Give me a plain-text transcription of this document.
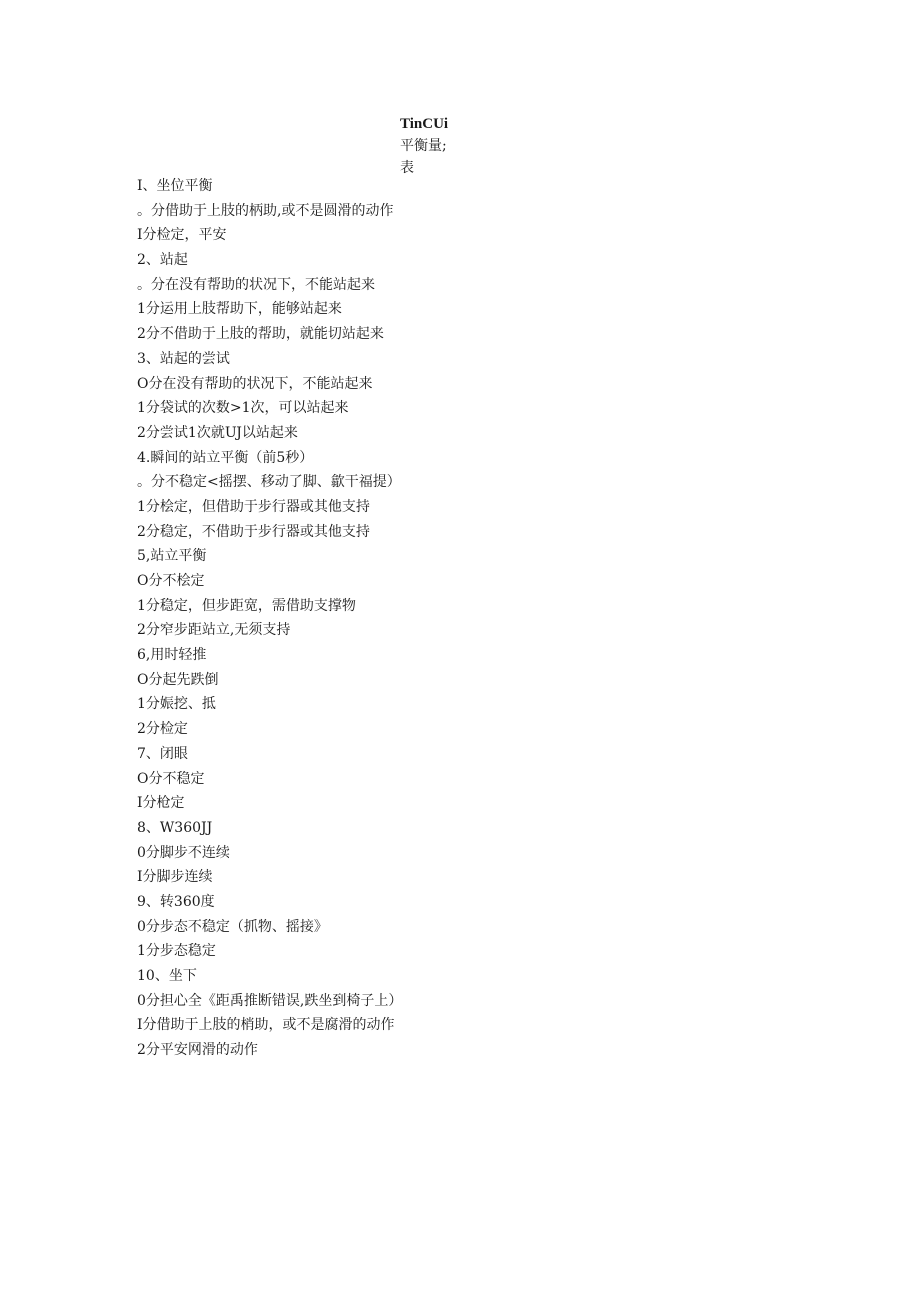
TinCUi
平衡量;
表
I、坐位平衡
。分借助于上肢的柄助,或不是圆滑的动作
I分检定，平安
2、站起
。分在没有帮助的状况下，不能站起来
1分运用上肢帮助下，能够站起来
2分不借助于上肢的帮助，就能切站起来
3、站起的尝试
O分在没有帮助的状况下，不能站起来
1分袋试的次数>1次，可以站起来
2分尝试1次就UJ以站起来
4.瞬间的站立平衡（前5秒）
。分不稳定<摇摆、移动了脚、歙干福提）
1分桧定，但借助于步行器或其他支持
2分稳定，不借助于步行器或其他支持
5,站立平衡
O分不桧定
1分稳定，但步距宽，需借助支撑物
2分窄步距站立,无须支持
6,用时轻推
O分起先跌倒
1分娠挖、抵
2分检定
7、闭眼
O分不稳定
I分枪定
8、W360JJ
0分脚步不连续
I分脚步连续
9、转360度
0分步态不稳定（抓物、摇接》
1分步态稳定
10、坐下
0分担心全《距禹推断错误,跌坐到椅子上）
I分借助于上肢的梢助，或不是腐滑的动作
2分平安网滑的动作
